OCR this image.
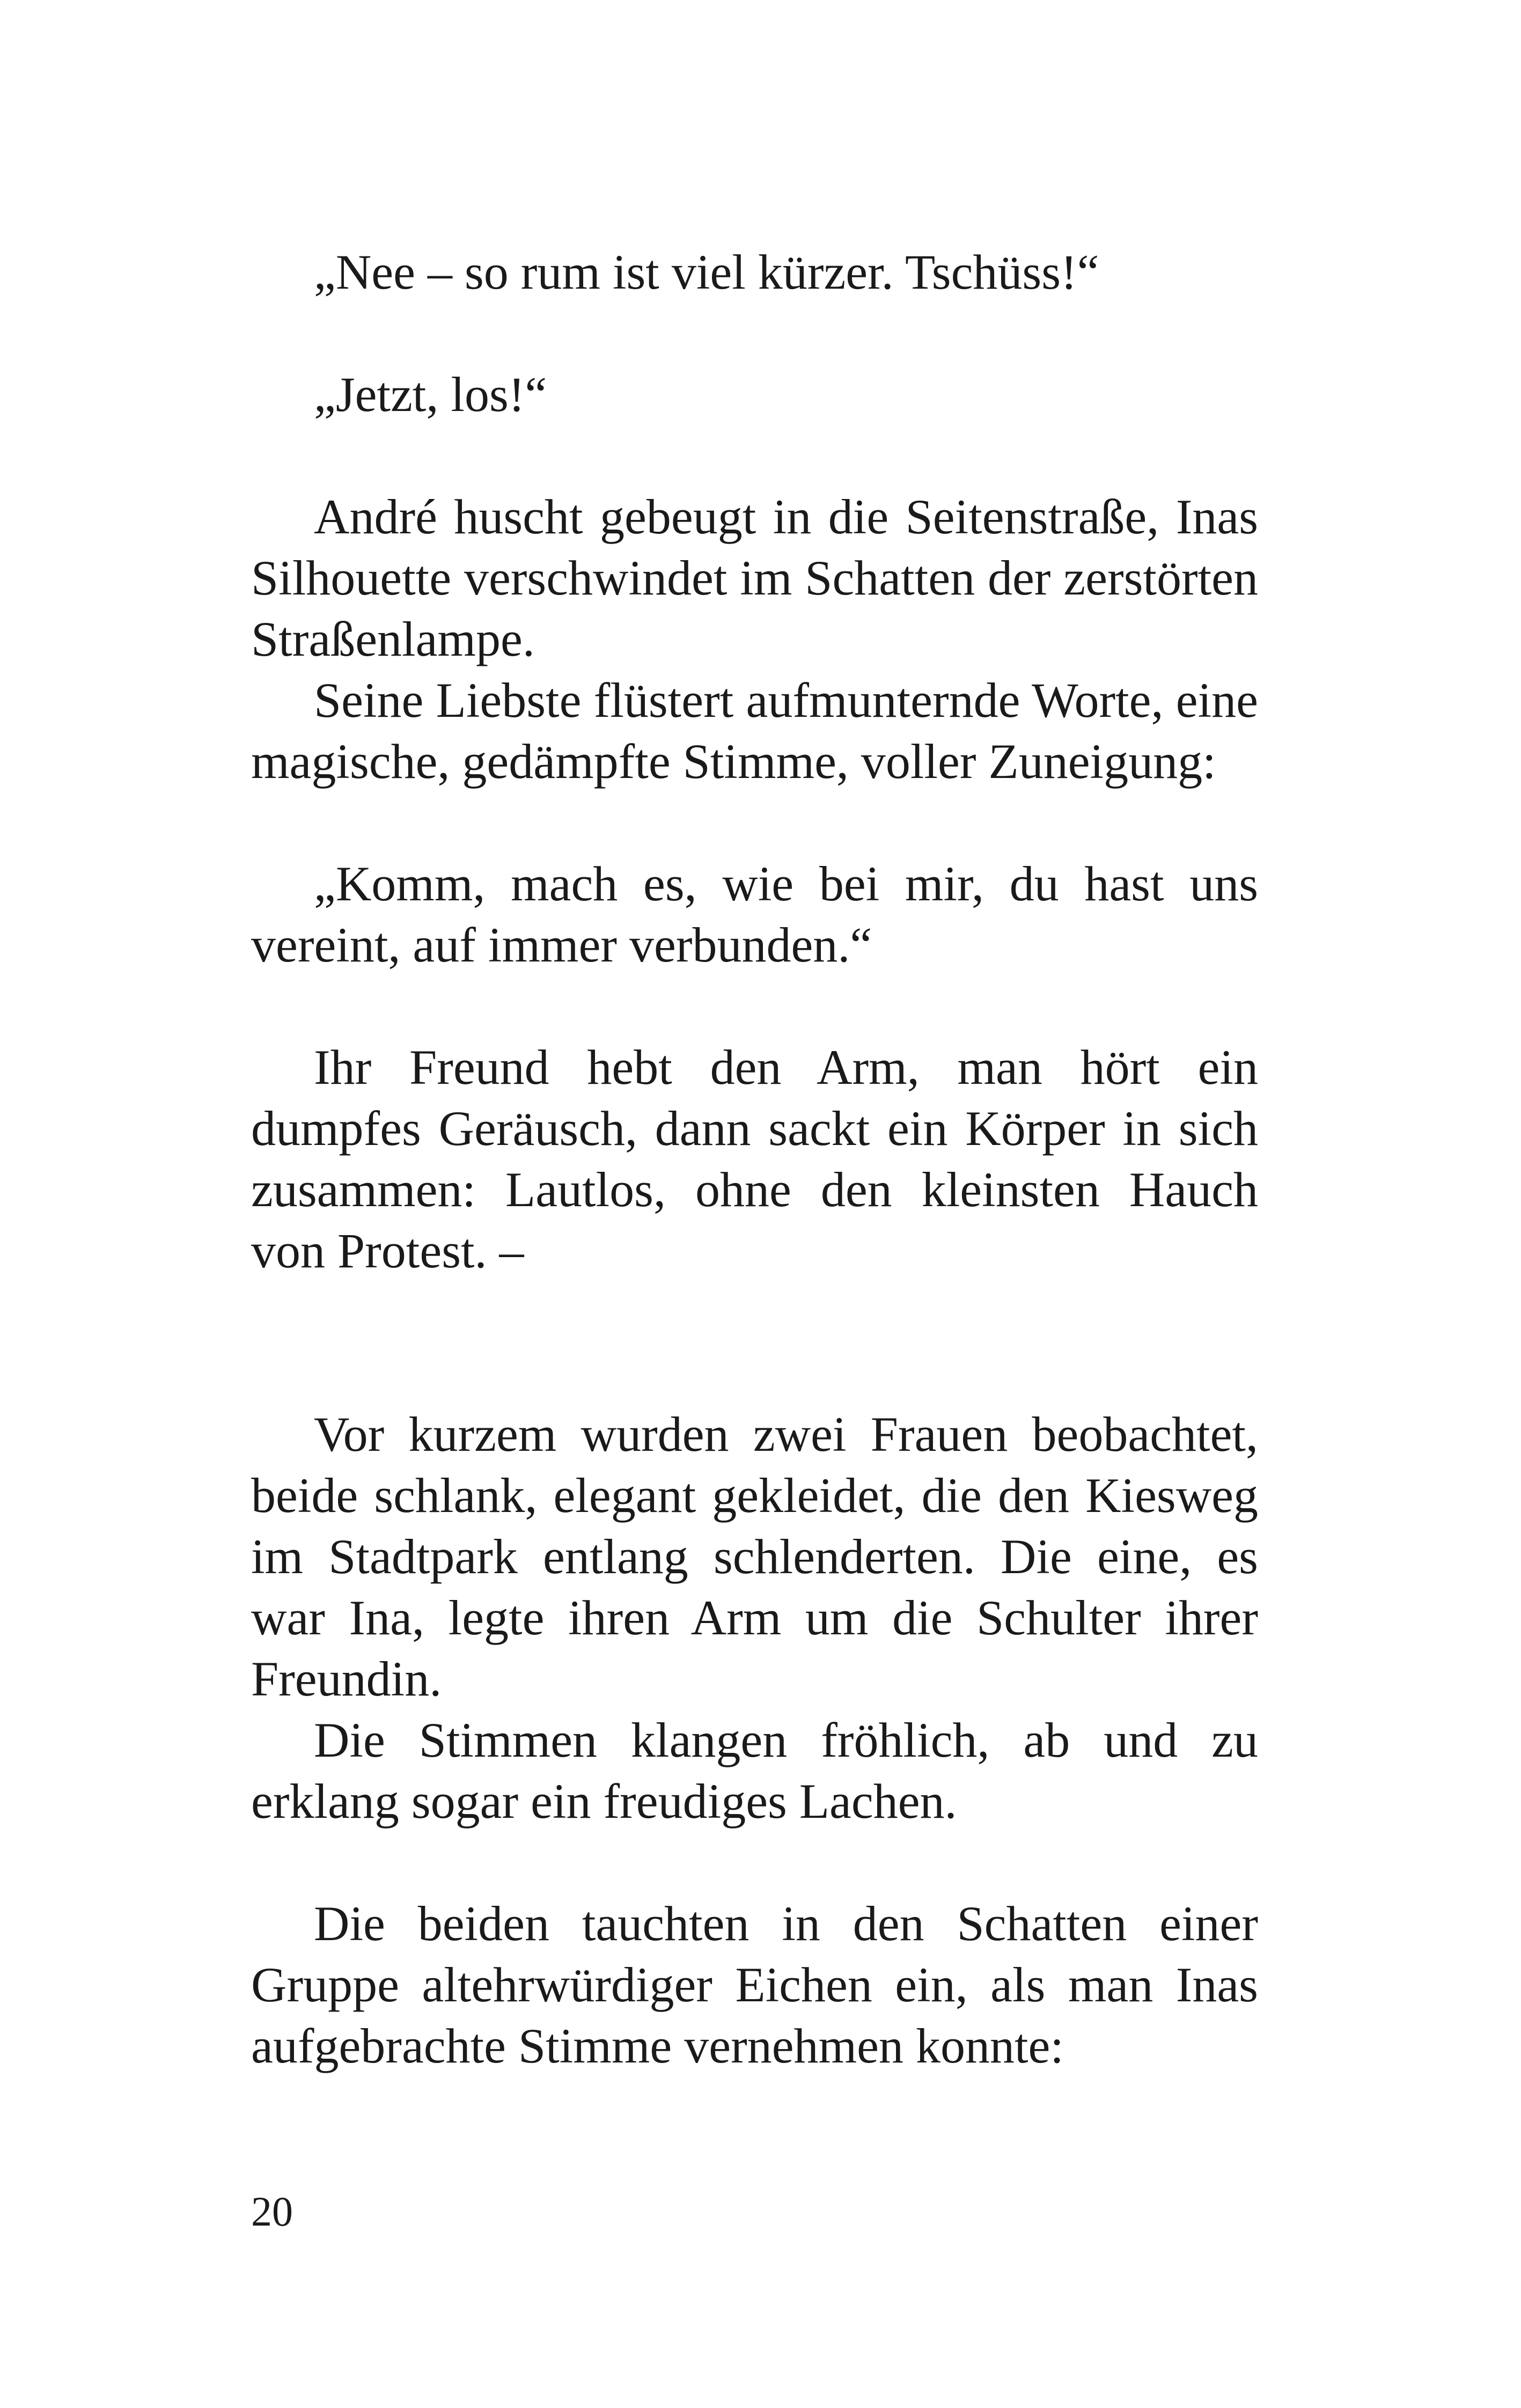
„Nee – so rum ist viel kürzer. Tschüss!“

„Jetzt, los!“

André huscht gebeugt in die Seitenstraße, Inas Silhouette verschwindet im Schatten der zerstörten Straßenlampe.

Seine Liebste flüstert aufmunternde Worte, eine magische, gedämpfte Stimme, voller Zuneigung:

„Komm, mach es, wie bei mir, du hast uns vereint, auf immer verbunden.“

Ihr Freund hebt den Arm, man hört ein dumpfes Geräusch, dann sackt ein Körper in sich zusammen: Lautlos, ohne den kleinsten Hauch von Protest. –

Vor kurzem wurden zwei Frauen beobachtet, beide schlank, elegant gekleidet, die den Kiesweg im Stadtpark entlang schlenderten. Die eine, es war Ina, legte ihren Arm um die Schulter ihrer Freundin.

Die Stimmen klangen fröhlich, ab und zu erklang sogar ein freudiges Lachen.

Die beiden tauchten in den Schatten einer Gruppe altehrwürdiger Eichen ein, als man Inas aufgebrachte Stimme vernehmen konnte:

20
